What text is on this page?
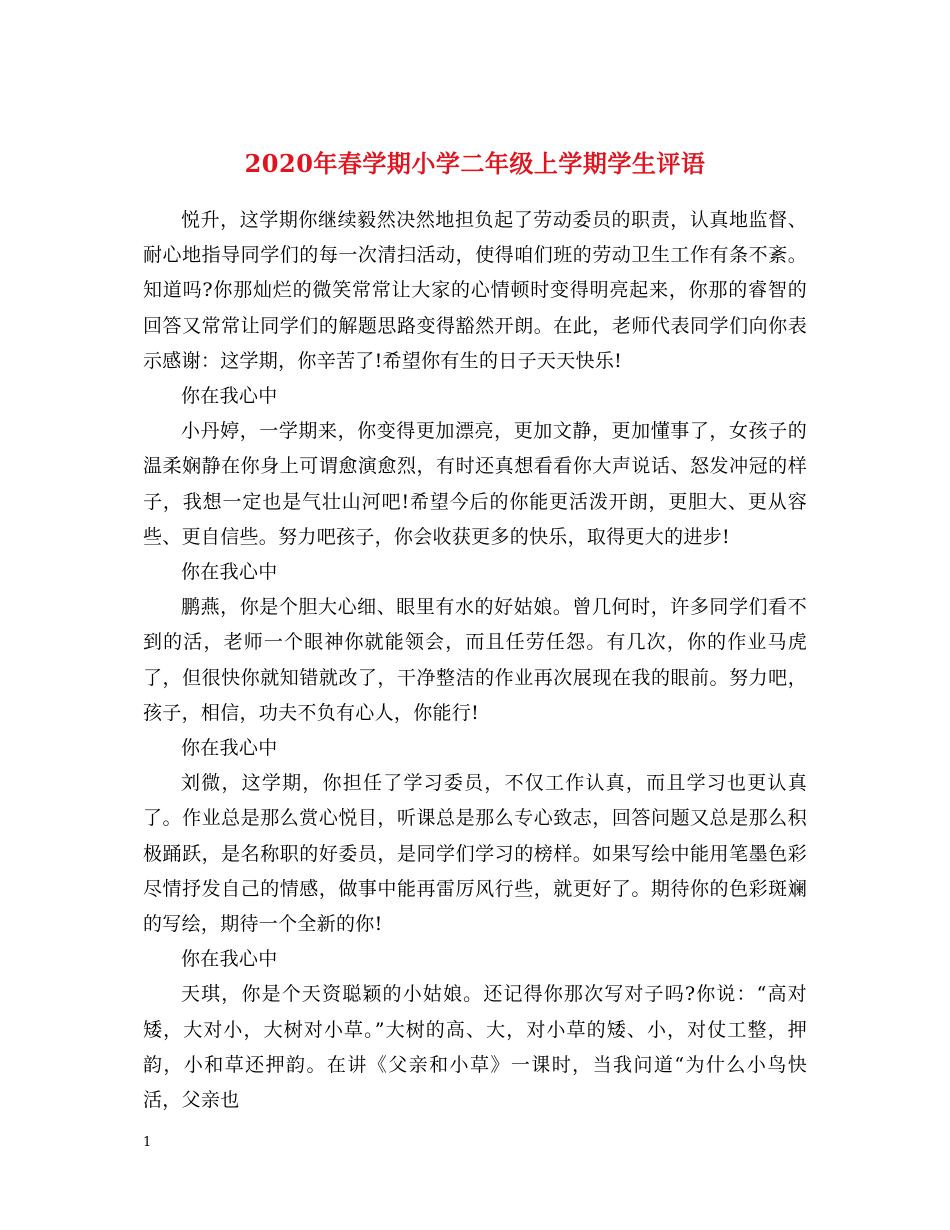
2020年春学期小学二年级上学期学生评语

悦升，这学期你继续毅然决然地担负起了劳动委员的职责，认真地监督、耐心地指导同学们的每一次清扫活动，使得咱们班的劳动卫生工作有条不紊。知道吗?你那灿烂的微笑常常让大家的心情顿时变得明亮起来，你那的睿智的回答又常常让同学们的解题思路变得豁然开朗。在此，老师代表同学们向你表示感谢：这学期，你辛苦了!希望你有生的日子天天快乐!

你在我心中

小丹婷，一学期来，你变得更加漂亮，更加文静，更加懂事了，女孩子的温柔娴静在你身上可谓愈演愈烈，有时还真想看看你大声说话、怒发冲冠的样子，我想一定也是气壮山河吧!希望今后的你能更活泼开朗，更胆大、更从容些、更自信些。努力吧孩子，你会收获更多的快乐，取得更大的进步!

你在我心中

鹏燕，你是个胆大心细、眼里有水的好姑娘。曾几何时，许多同学们看不到的活，老师一个眼神你就能领会，而且任劳任怨。有几次，你的作业马虎了，但很快你就知错就改了，干净整洁的作业再次展现在我的眼前。努力吧，孩子，相信，功夫不负有心人，你能行!

你在我心中

刘微，这学期，你担任了学习委员，不仅工作认真，而且学习也更认真了。作业总是那么赏心悦目，听课总是那么专心致志，回答问题又总是那么积极踊跃，是名称职的好委员，是同学们学习的榜样。如果写绘中能用笔墨色彩尽情抒发自己的情感，做事中能再雷厉风行些，就更好了。期待你的色彩斑斓的写绘，期待一个全新的你!

你在我心中

天琪，你是个天资聪颖的小姑娘。还记得你那次写对子吗?你说：“高对矮，大对小，大树对小草。”大树的高、大，对小草的矮、小，对仗工整，押韵，小和草还押韵。在讲《父亲和小草》一课时，当我问道“为什么小鸟快活，父亲也

1
